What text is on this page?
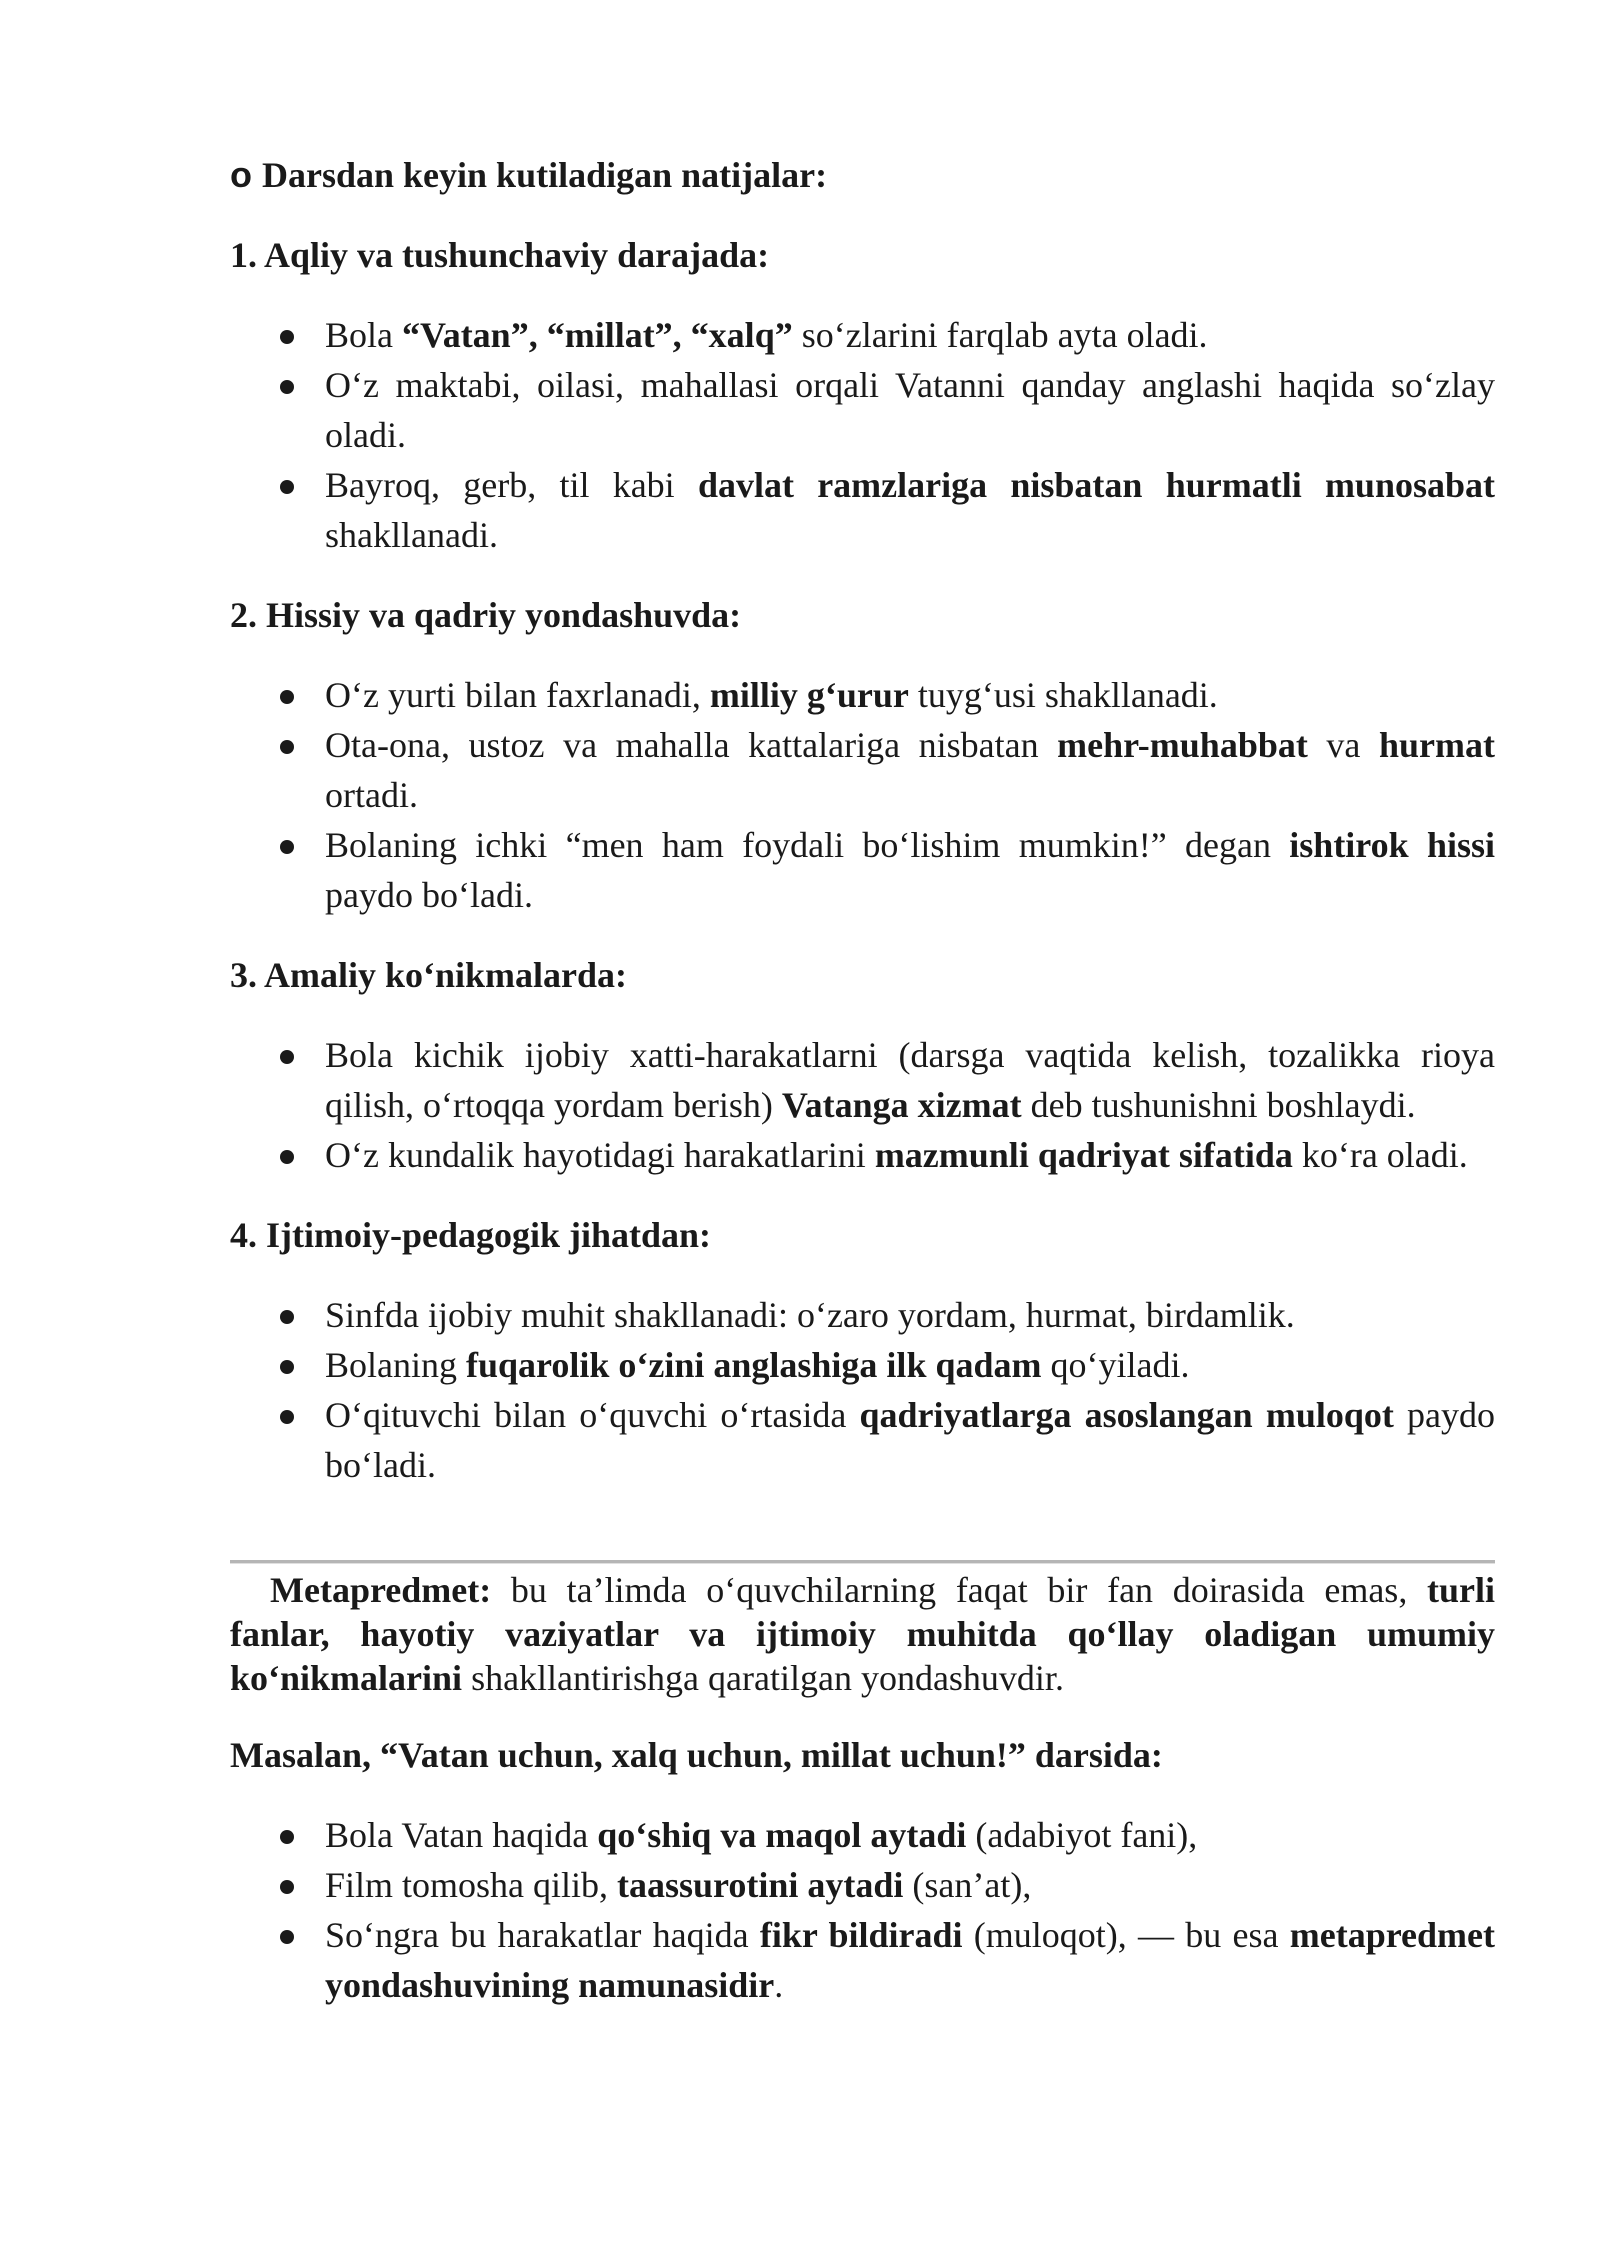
o Darsdan keyin kutiladigan natijalar:
1. Aqliy va tushunchaviy darajada:
Bola “Vatan”, “millat”, “xalq” so‘zlarini farqlab ayta oladi.
O‘z maktabi, oilasi, mahallasi orqali Vatanni qanday anglashi haqida so‘zlay oladi.
Bayroq, gerb, til kabi davlat ramzlariga nisbatan hurmatli munosabat shakllanadi.
2. Hissiy va qadriy yondashuvda:
O‘z yurti bilan faxrlanadi, milliy g‘urur tuyg‘usi shakllanadi.
Ota-ona, ustoz va mahalla kattalariga nisbatan mehr-muhabbat va hurmat ortadi.
Bolaning ichki “men ham foydali bo‘lishim mumkin!” degan ishtirok hissi paydo bo‘ladi.
3. Amaliy ko‘nikmalarda:
Bola kichik ijobiy xatti-harakatlarni (darsga vaqtida kelish, tozalikka rioya qilish, o‘rtoqqa yordam berish) Vatanga xizmat deb tushunishni boshlaydi.
O‘z kundalik hayotidagi harakatlarini mazmunli qadriyat sifatida ko‘ra oladi.
4. Ijtimoiy-pedagogik jihatdan:
Sinfda ijobiy muhit shakllanadi: o‘zaro yordam, hurmat, birdamlik.
Bolaning fuqarolik o‘zini anglashiga ilk qadam qo‘yiladi.
O‘qituvchi bilan o‘quvchi o‘rtasida qadriyatlarga asoslangan muloqot paydo bo‘ladi.

Metapredmet: bu ta’limda o‘quvchilarning faqat bir fan doirasida emas, turli fanlar, hayotiy vaziyatlar va ijtimoiy muhitda qo‘llay oladigan umumiy ko‘nikmalarini shakllantirishga qaratilgan yondashuvdir.

Masalan, “Vatan uchun, xalq uchun, millat uchun!” darsida:
Bola Vatan haqida qo‘shiq va maqol aytadi (adabiyot fani),
Film tomosha qilib, taassurotini aytadi (san’at),
So‘ngra bu harakatlar haqida fikr bildiradi (muloqot), — bu esa metapredmet yondashuvining namunasidir.
